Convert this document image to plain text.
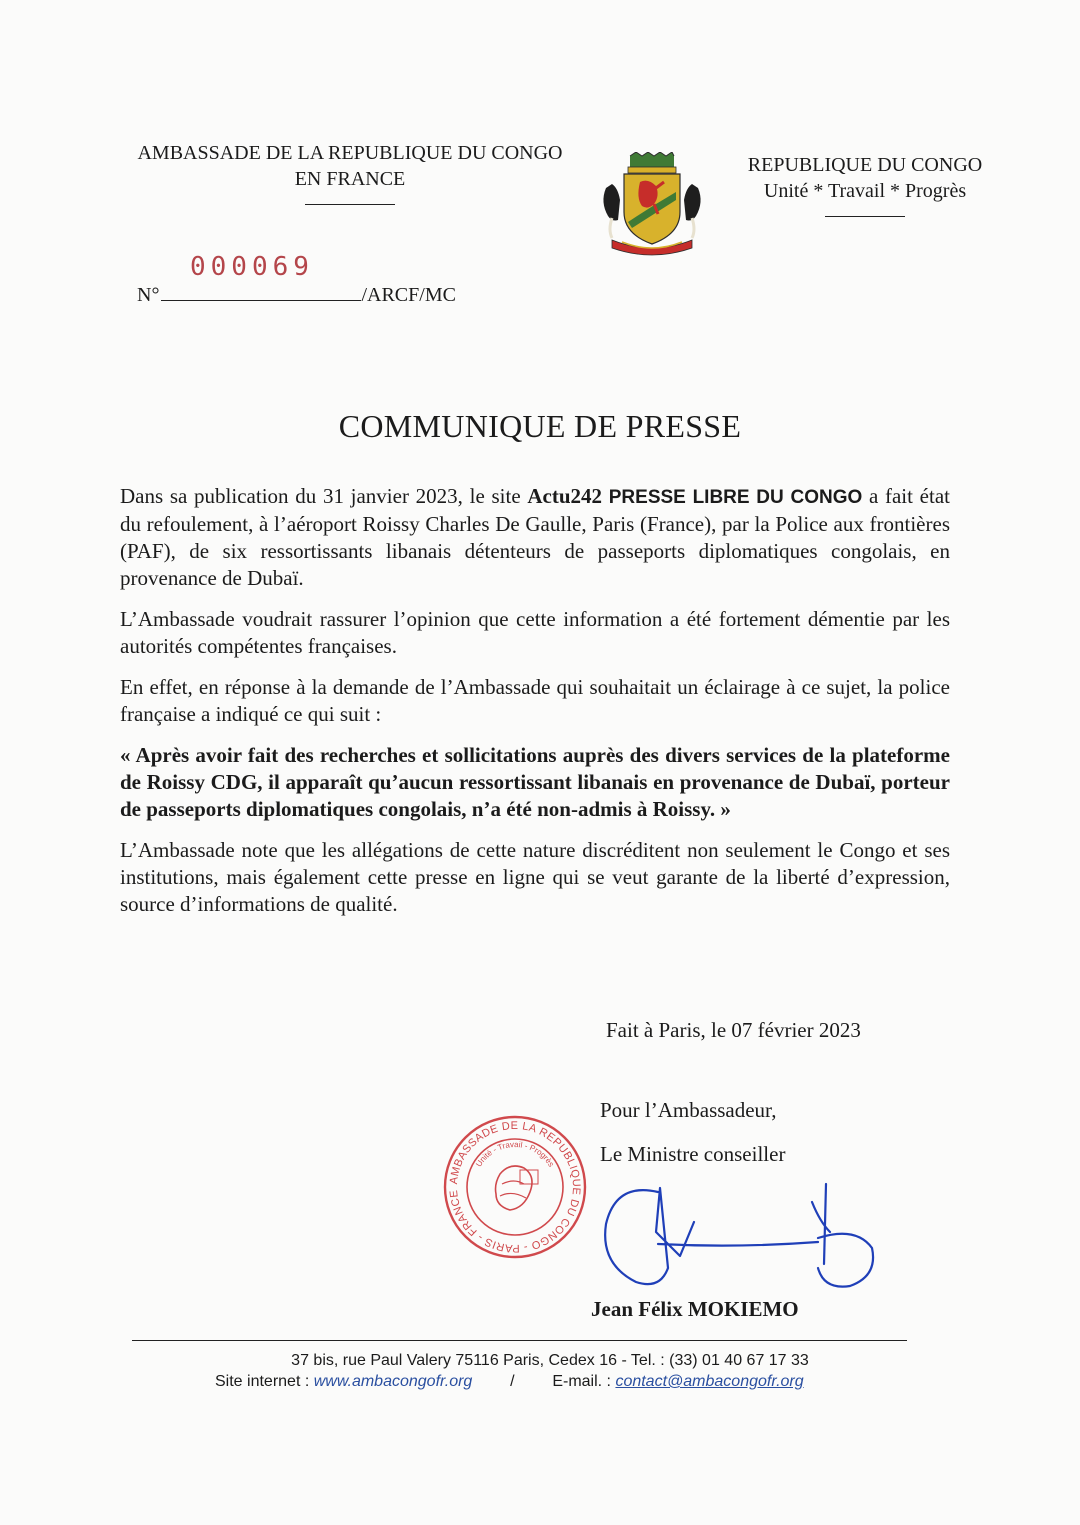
AMBASSADE DE LA REPUBLIQUE DU CONGO
EN FRANCE
REPUBLIQUE DU CONGO
Unité * Travail * Progrès
000069
N°	/ARCF/MC
COMMUNIQUE DE PRESSE

Dans sa publication du 31 janvier 2023, le site Actu242 PRESSE LIBRE DU CONGO a fait état du refoulement, à l’aéroport Roissy Charles De Gaulle, Paris (France), par la Police aux frontières (PAF), de six ressortissants libanais détenteurs de passeports diplomatiques congolais, en provenance de Dubaï.

L’Ambassade voudrait rassurer l’opinion que cette information a été fortement démentie par les autorités compétentes françaises.

En effet, en réponse à la demande de l’Ambassade qui souhaitait un éclairage à ce sujet, la police française a indiqué ce qui suit :

« Après avoir fait des recherches et sollicitations auprès des divers services de la plateforme de Roissy CDG, il apparaît qu’aucun ressortissant libanais en provenance de Dubaï, porteur de passeports diplomatiques congolais, n’a été non-admis à Roissy. »

L’Ambassade note que les allégations de cette nature discréditent non seulement le Congo et ses institutions, mais également cette presse en ligne qui se veut garante de la liberté d’expression, source d’informations de qualité.

Fait à Paris, le 07 février 2023
Pour l’Ambassadeur,
Le Ministre conseiller
AMBASSADE DE LA REPUBLIQUE DU CONGO - PARIS - FRANCE
Unité - Travail - Progrès
Jean Félix MOKIEMO
37 bis, rue Paul Valery 75116 Paris, Cedex 16 - Tel. : (33) 01 40 67 17 33
Site internet : www.ambacongofr.org / E-mail. : contact@ambacongofr.org
